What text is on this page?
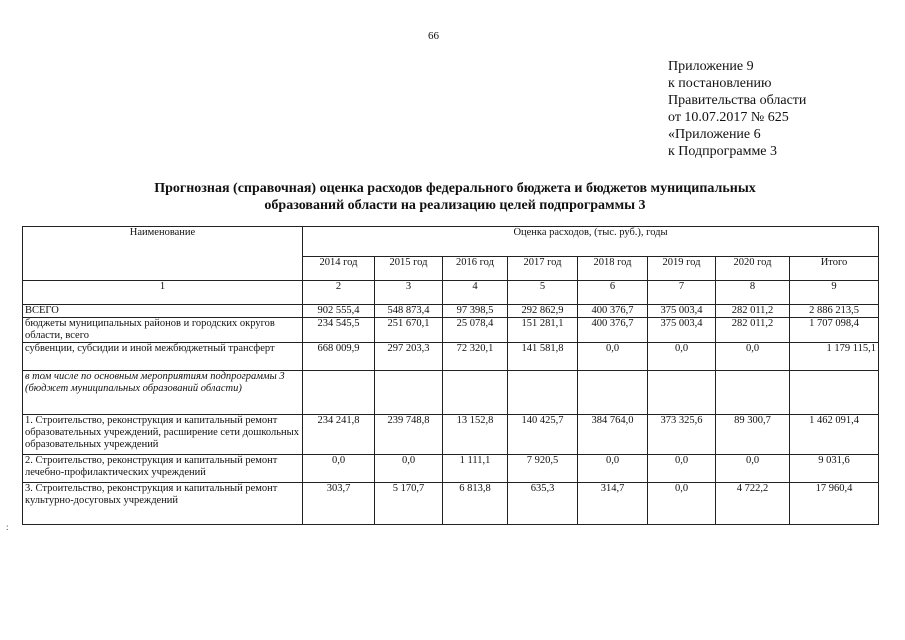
66
Приложение 9
к постановлению
Правительства области
от 10.07.2017 № 625
«Приложение 6
к Подпрограмме 3
Прогнозная (справочная) оценка расходов федерального бюджета и бюджетов муниципальных
образований области на реализацию целей подпрограммы 3
Наименование	Оценка расходов, (тыс. руб.), годы							
	2014 год	2015 год	2016 год	2017 год	2018 год	2019 год	2020 год	Итого
1	2	3	4	5	6	7	8	9
ВСЕГО	902 555,4	548 873,4	97 398,5	292 862,9	400 376,7	375 003,4	282 011,2	2 886 213,5
бюджеты муниципальных районов и городских округов области, всего	234 545,5	251 670,1	25 078,4	151 281,1	400 376,7	375 003,4	282 011,2	1 707 098,4
субвенции, субсидии и иной межбюджетный трансферт	668 009,9	297 203,3	72 320,1	141 581,8	0,0	0,0	0,0	1 179 115,1
в том числе по основным мероприятиям подпрограммы 3 (бюджет муниципальных образований области)								
1. Строительство, реконструкция и капитальный ремонт образовательных учреждений, расширение сети дошкольных образовательных учреждений	234 241,8	239 748,8	13 152,8	140 425,7	384 764,0	373 325,6	89 300,7	1 462 091,4
2. Строительство, реконструкция и капитальный ремонт лечебно-профилактических учреждений	0,0	0,0	1 111,1	7 920,5	0,0	0,0	0,0	9 031,6
3. Строительство, реконструкция и капитальный ремонт культурно-досуговых учреждений	303,7	5 170,7	6 813,8	635,3	314,7	0,0	4 722,2	17 960,4
:
